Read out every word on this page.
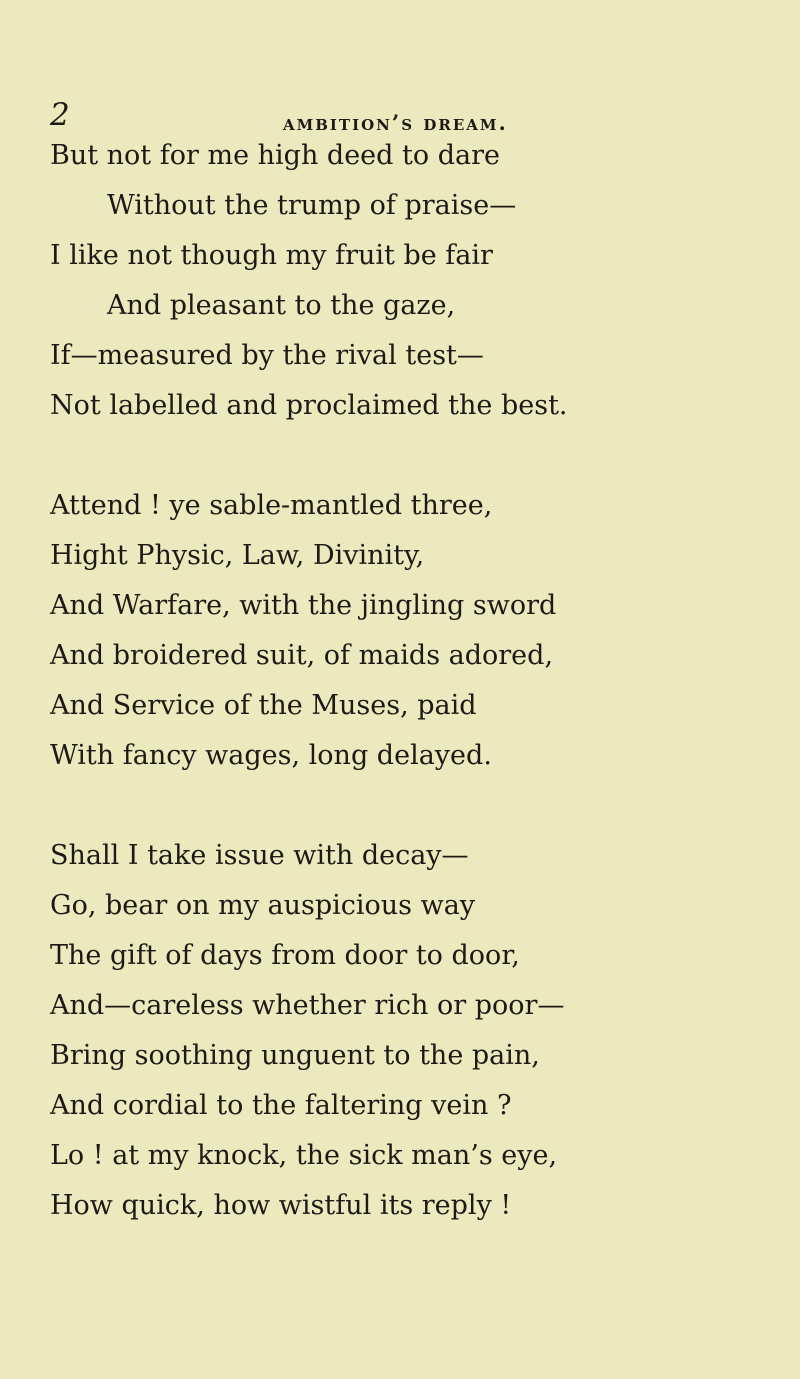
2	ambition’s dream.
But not for me high deed to dare
Without the trump of praise—
I like not though my fruit be fair
And pleasant to the gaze,
If—measured by the rival test—
Not labelled and proclaimed the best.
Attend ! ye sable-mantled three,
Hight Physic, Law, Divinity,
And Warfare, with the jingling sword
And broidered suit, of maids adored,
And Service of the Muses, paid
With fancy wages, long delayed.
Shall I take issue with decay—
Go, bear on my auspicious way
The gift of days from door to door,
And—careless whether rich or poor—
Bring soothing unguent to the pain,
And cordial to the faltering vein ?
Lo ! at my knock, the sick man’s eye,
How quick, how wistful its reply !
